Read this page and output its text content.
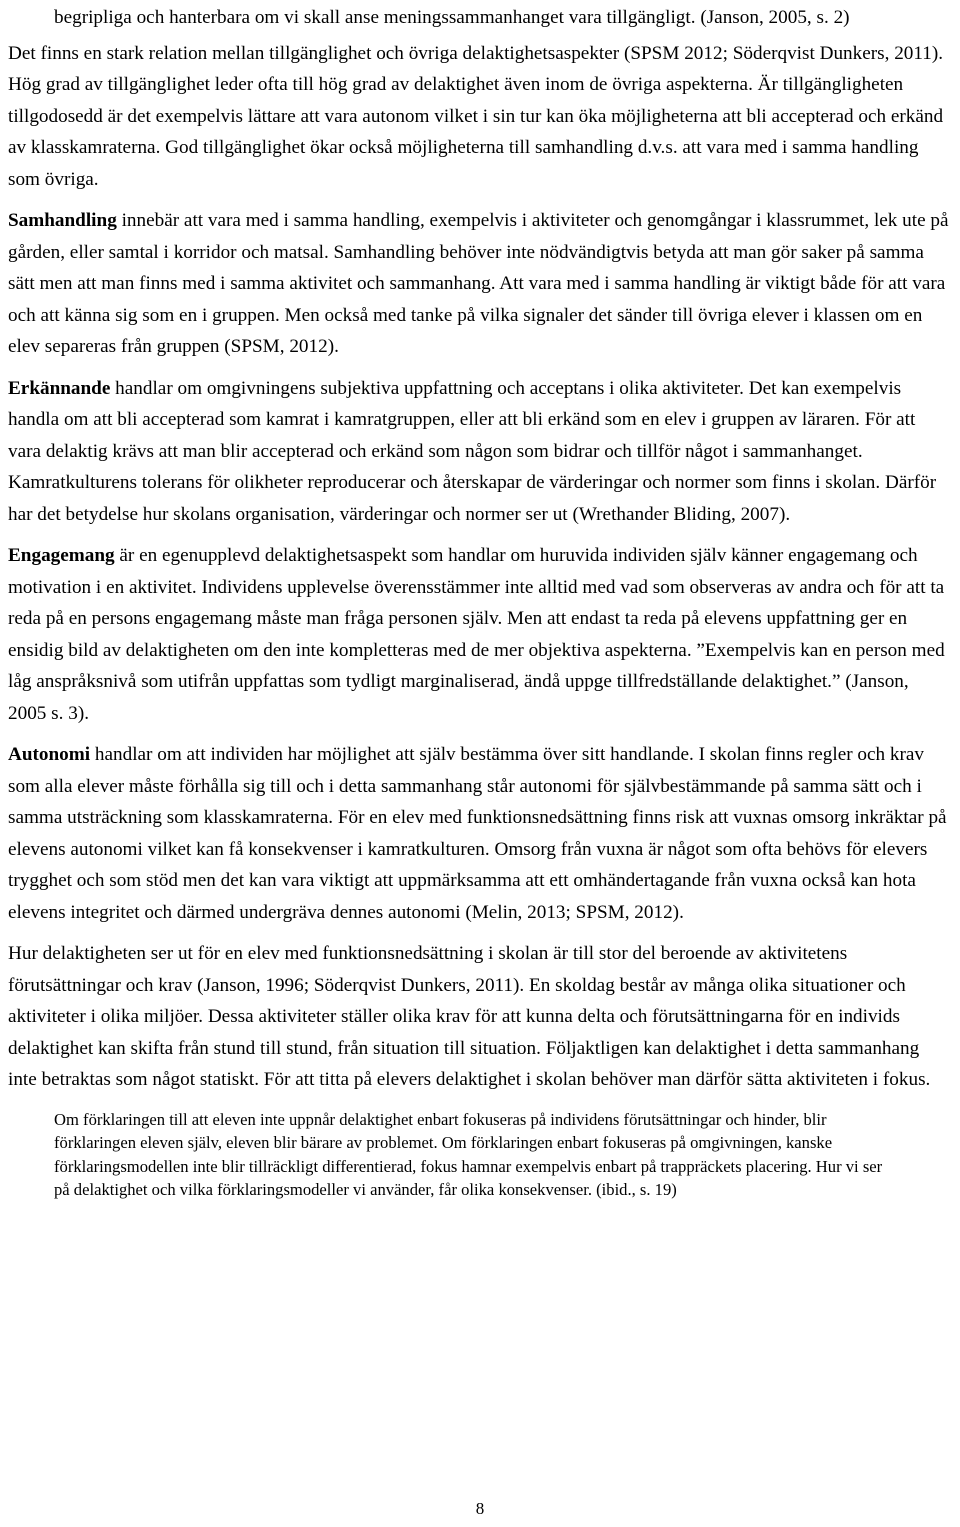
begripliga och hanterbara om vi skall anse meningssammanhanget vara tillgängligt. (Janson, 2005, s. 2)

Det finns en stark relation mellan tillgänglighet och övriga delaktighetsaspekter (SPSM 2012; Söderqvist Dunkers, 2011). Hög grad av tillgänglighet leder ofta till hög grad av delaktighet även inom de övriga aspekterna. Är tillgängligheten tillgodosedd är det exempelvis lättare att vara autonom vilket i sin tur kan öka möjligheterna att bli accepterad och erkänd av klasskamraterna. God tillgänglighet ökar också möjligheterna till samhandling d.v.s. att vara med i samma handling som övriga.

Samhandling innebär att vara med i samma handling, exempelvis i aktiviteter och genomgångar i klassrummet, lek ute på gården, eller samtal i korridor och matsal. Samhandling behöver inte nödvändigtvis betyda att man gör saker på samma sätt men att man finns med i samma aktivitet och sammanhang. Att vara med i samma handling är viktigt både för att vara och att känna sig som en i gruppen. Men också med tanke på vilka signaler det sänder till övriga elever i klassen om en elev separeras från gruppen (SPSM, 2012).

Erkännande handlar om omgivningens subjektiva uppfattning och acceptans i olika aktiviteter. Det kan exempelvis handla om att bli accepterad som kamrat i kamratgruppen, eller att bli erkänd som en elev i gruppen av läraren. För att vara delaktig krävs att man blir accepterad och erkänd som någon som bidrar och tillför något i sammanhanget. Kamratkulturens tolerans för olikheter reproducerar och återskapar de värderingar och normer som finns i skolan. Därför har det betydelse hur skolans organisation, värderingar och normer ser ut (Wrethander Bliding, 2007).

Engagemang är en egenupplevd delaktighetsaspekt som handlar om huruvida individen själv känner engagemang och motivation i en aktivitet. Individens upplevelse överensstämmer inte alltid med vad som observeras av andra och för att ta reda på en persons engagemang måste man fråga personen själv. Men att endast ta reda på elevens uppfattning ger en ensidig bild av delaktigheten om den inte kompletteras med de mer objektiva aspekterna. ”Exempelvis kan en person med låg anspråksnivå som utifrån uppfattas som tydligt marginaliserad, ändå uppge tillfredställande delaktighet.” (Janson, 2005 s. 3).

Autonomi handlar om att individen har möjlighet att själv bestämma över sitt handlande. I skolan finns regler och krav som alla elever måste förhålla sig till och i detta sammanhang står autonomi för självbestämmande på samma sätt och i samma utsträckning som klasskamraterna. För en elev med funktionsnedsättning finns risk att vuxnas omsorg inkräktar på elevens autonomi vilket kan få konsekvenser i kamratkulturen. Omsorg från vuxna är något som ofta behövs för elevers trygghet och som stöd men det kan vara viktigt att uppmärksamma att ett omhändertagande från vuxna också kan hota elevens integritet och därmed undergräva dennes autonomi (Melin, 2013; SPSM, 2012).

Hur delaktigheten ser ut för en elev med funktionsnedsättning i skolan är till stor del beroende av aktivitetens förutsättningar och krav (Janson, 1996; Söderqvist Dunkers, 2011). En skoldag består av många olika situationer och aktiviteter i olika miljöer. Dessa aktiviteter ställer olika krav för att kunna delta och förutsättningarna för en individs delaktighet kan skifta från stund till stund, från situation till situation. Följaktligen kan delaktighet i detta sammanhang inte betraktas som något statiskt. För att titta på elevers delaktighet i skolan behöver man därför sätta aktiviteten i fokus.

Om förklaringen till att eleven inte uppnår delaktighet enbart fokuseras på individens förutsättningar och hinder, blir förklaringen eleven själv, eleven blir bärare av problemet. Om förklaringen enbart fokuseras på omgivningen, kanske förklaringsmodellen inte blir tillräckligt differentierad, fokus hamnar exempelvis enbart på trappräckets placering. Hur vi ser på delaktighet och vilka förklaringsmodeller vi använder, får olika konsekvenser. (ibid., s. 19)

8
